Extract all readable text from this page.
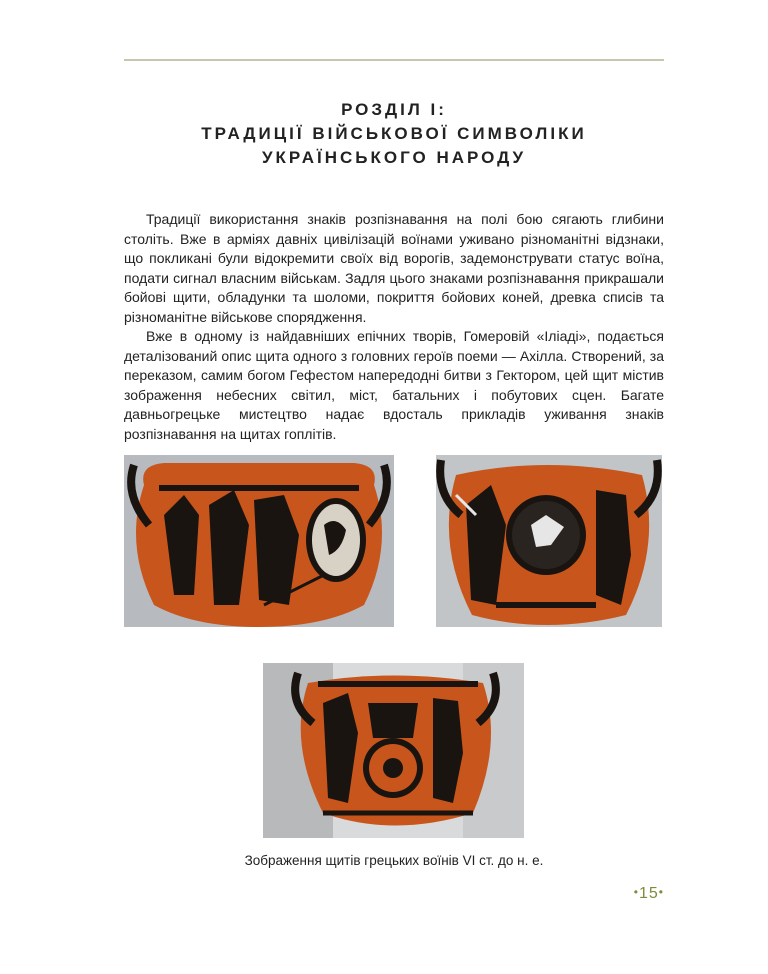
РОЗДІЛ І:
ТРАДИЦІЇ ВІЙСЬКОВОЇ СИМВОЛІКИ
УКРАЇНСЬКОГО НАРОДУ

Традиції використання знаків розпізнавання на полі бою сягають глибини століть. Вже в арміях давніх цивілізацій воїнами уживано різноманітні відзнаки, що покликані були відокремити своїх від ворогів, задемонструвати статус воїна, подати сигнал власним військам. Задля цього знаками розпізнавання прикрашали бойові щити, обладунки та шоломи, покриття бойових коней, древка списів та різноманітне військове спорядження.

Вже в одному із найдавніших епічних творів, Гомеровій «Іліаді», подається деталізований опис щита одного з головних героїв поеми — Ахілла. Створений, за переказом, самим богом Гефестом напередодні битви з Гектором, цей щит містив зображення небесних світил, міст, батальних і побутових сцен. Багате давньогрецьке мистецтво надає вдосталь прикладів уживання знаків розпізнавання на щитах гоплітів.

Зображення щитів грецьких воїнів VI ст. до н. е.
•15•
